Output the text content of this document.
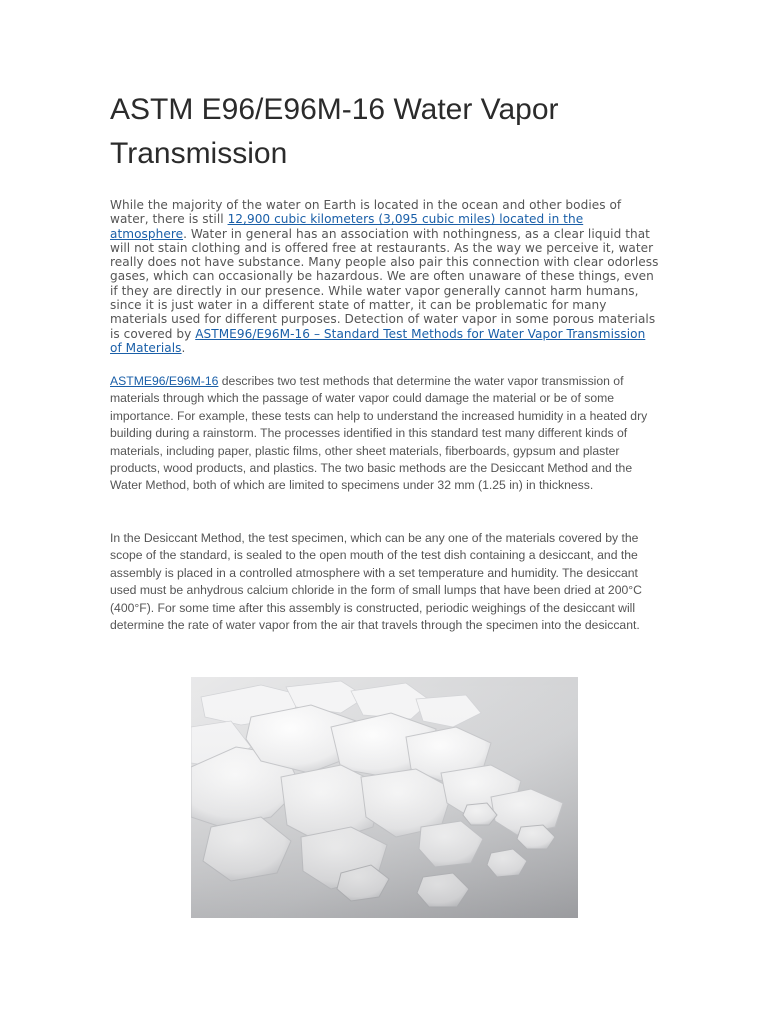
ASTM E96/E96M-16 Water Vapor Transmission

While the majority of the water on Earth is located in the ocean and other bodies of water, there is still 12,900 cubic kilometers (3,095 cubic miles) located in the atmosphere. Water in general has an association with nothingness, as a clear liquid that will not stain clothing and is offered free at restaurants. As the way we perceive it, water really does not have substance. Many people also pair this connection with clear odorless gases, which can occasionally be hazardous. We are often unaware of these things, even if they are directly in our presence. While water vapor generally cannot harm humans, since it is just water in a different state of matter, it can be problematic for many materials used for different purposes. Detection of water vapor in some porous materials is covered by ASTME96/E96M-16 – Standard Test Methods for Water Vapor Transmission of Materials.

ASTME96/E96M-16 describes two test methods that determine the water vapor transmission of materials through which the passage of water vapor could damage the material or be of some importance. For example, these tests can help to understand the increased humidity in a heated dry building during a rainstorm. The processes identified in this standard test many different kinds of materials, including paper, plastic films, other sheet materials, fiberboards, gypsum and plaster products, wood products, and plastics. The two basic methods are the Desiccant Method and the Water Method, both of which are limited to specimens under 32 mm (1.25 in) in thickness.

In the Desiccant Method, the test specimen, which can be any one of the materials covered by the scope of the standard, is sealed to the open mouth of the test dish containing a desiccant, and the assembly is placed in a controlled atmosphere with a set temperature and humidity. The desiccant used must be anhydrous calcium chloride in the form of small lumps that have been dried at 200°C (400°F). For some time after this assembly is constructed, periodic weighings of the desiccant will determine the rate of water vapor from the air that travels through the specimen into the desiccant.
